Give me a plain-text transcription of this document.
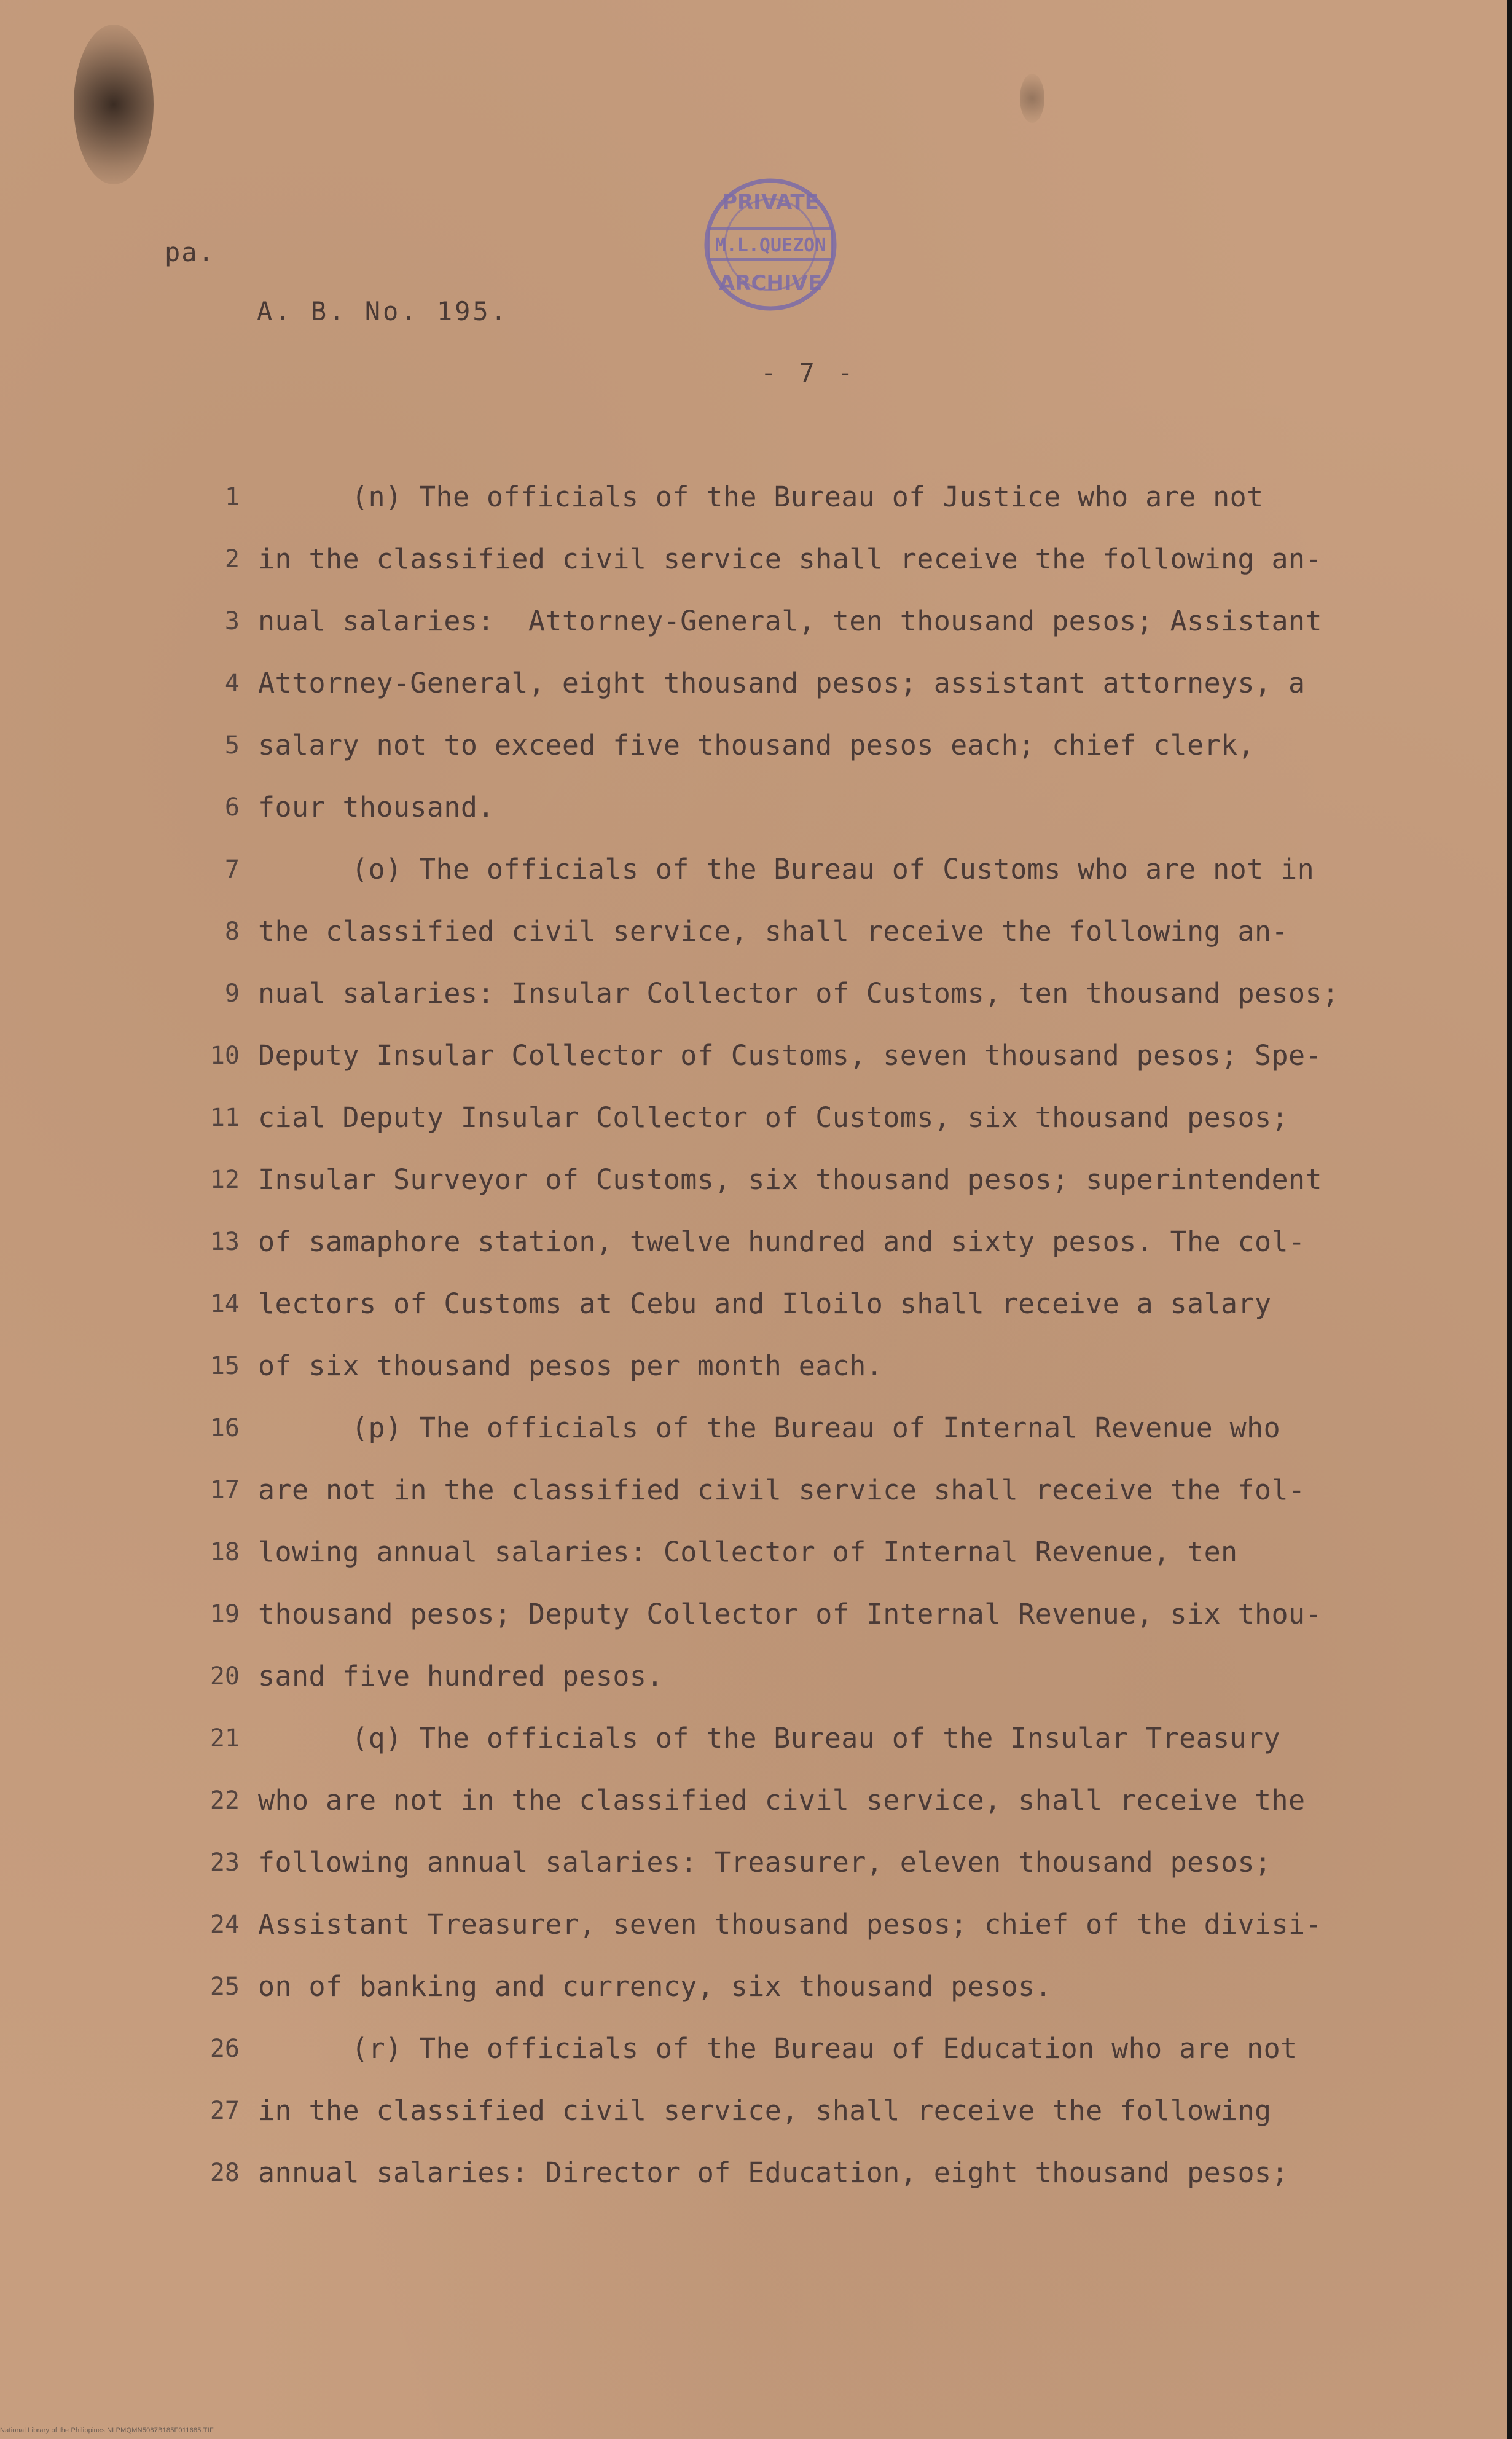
pa.
A. B. No. 195.
- 7 -
PRIVATE
M.L.QUEZON
ARCHIVE
1
2
3
4
5
6
7
8
9
10
11
12
13
14
15
16
17
18
19
20
21
22
23
24
25
26
27
28
(n) The officials of the Bureau of Justice who are not
in the classified civil service shall receive the following an-
nual salaries:  Attorney-General, ten thousand pesos; Assistant
Attorney-General, eight thousand pesos; assistant attorneys, a
salary not to exceed five thousand pesos each; chief clerk,
four thousand.
(o) The officials of the Bureau of Customs who are not in
the classified civil service, shall receive the following an-
nual salaries: Insular Collector of Customs, ten thousand pesos;
Deputy Insular Collector of Customs, seven thousand pesos; Spe-
cial Deputy Insular Collector of Customs, six thousand pesos;
Insular Surveyor of Customs, six thousand pesos; superintendent
of samaphore station, twelve hundred and sixty pesos. The col-
lectors of Customs at Cebu and Iloilo shall receive a salary
of six thousand pesos per month each.
(p) The officials of the Bureau of Internal Revenue who
are not in the classified civil service shall receive the fol-
lowing annual salaries: Collector of Internal Revenue, ten
thousand pesos; Deputy Collector of Internal Revenue, six thou-
sand five hundred pesos.
(q) The officials of the Bureau of the Insular Treasury
who are not in the classified civil service, shall receive the
following annual salaries: Treasurer, eleven thousand pesos;
Assistant Treasurer, seven thousand pesos; chief of the divisi-
on of banking and currency, six thousand pesos.
(r) The officials of the Bureau of Education who are not
in the classified civil service, shall receive the following
annual salaries: Director of Education, eight thousand pesos;
National Library of the Philippines NLPMQMN5087B185F011685.TIF
